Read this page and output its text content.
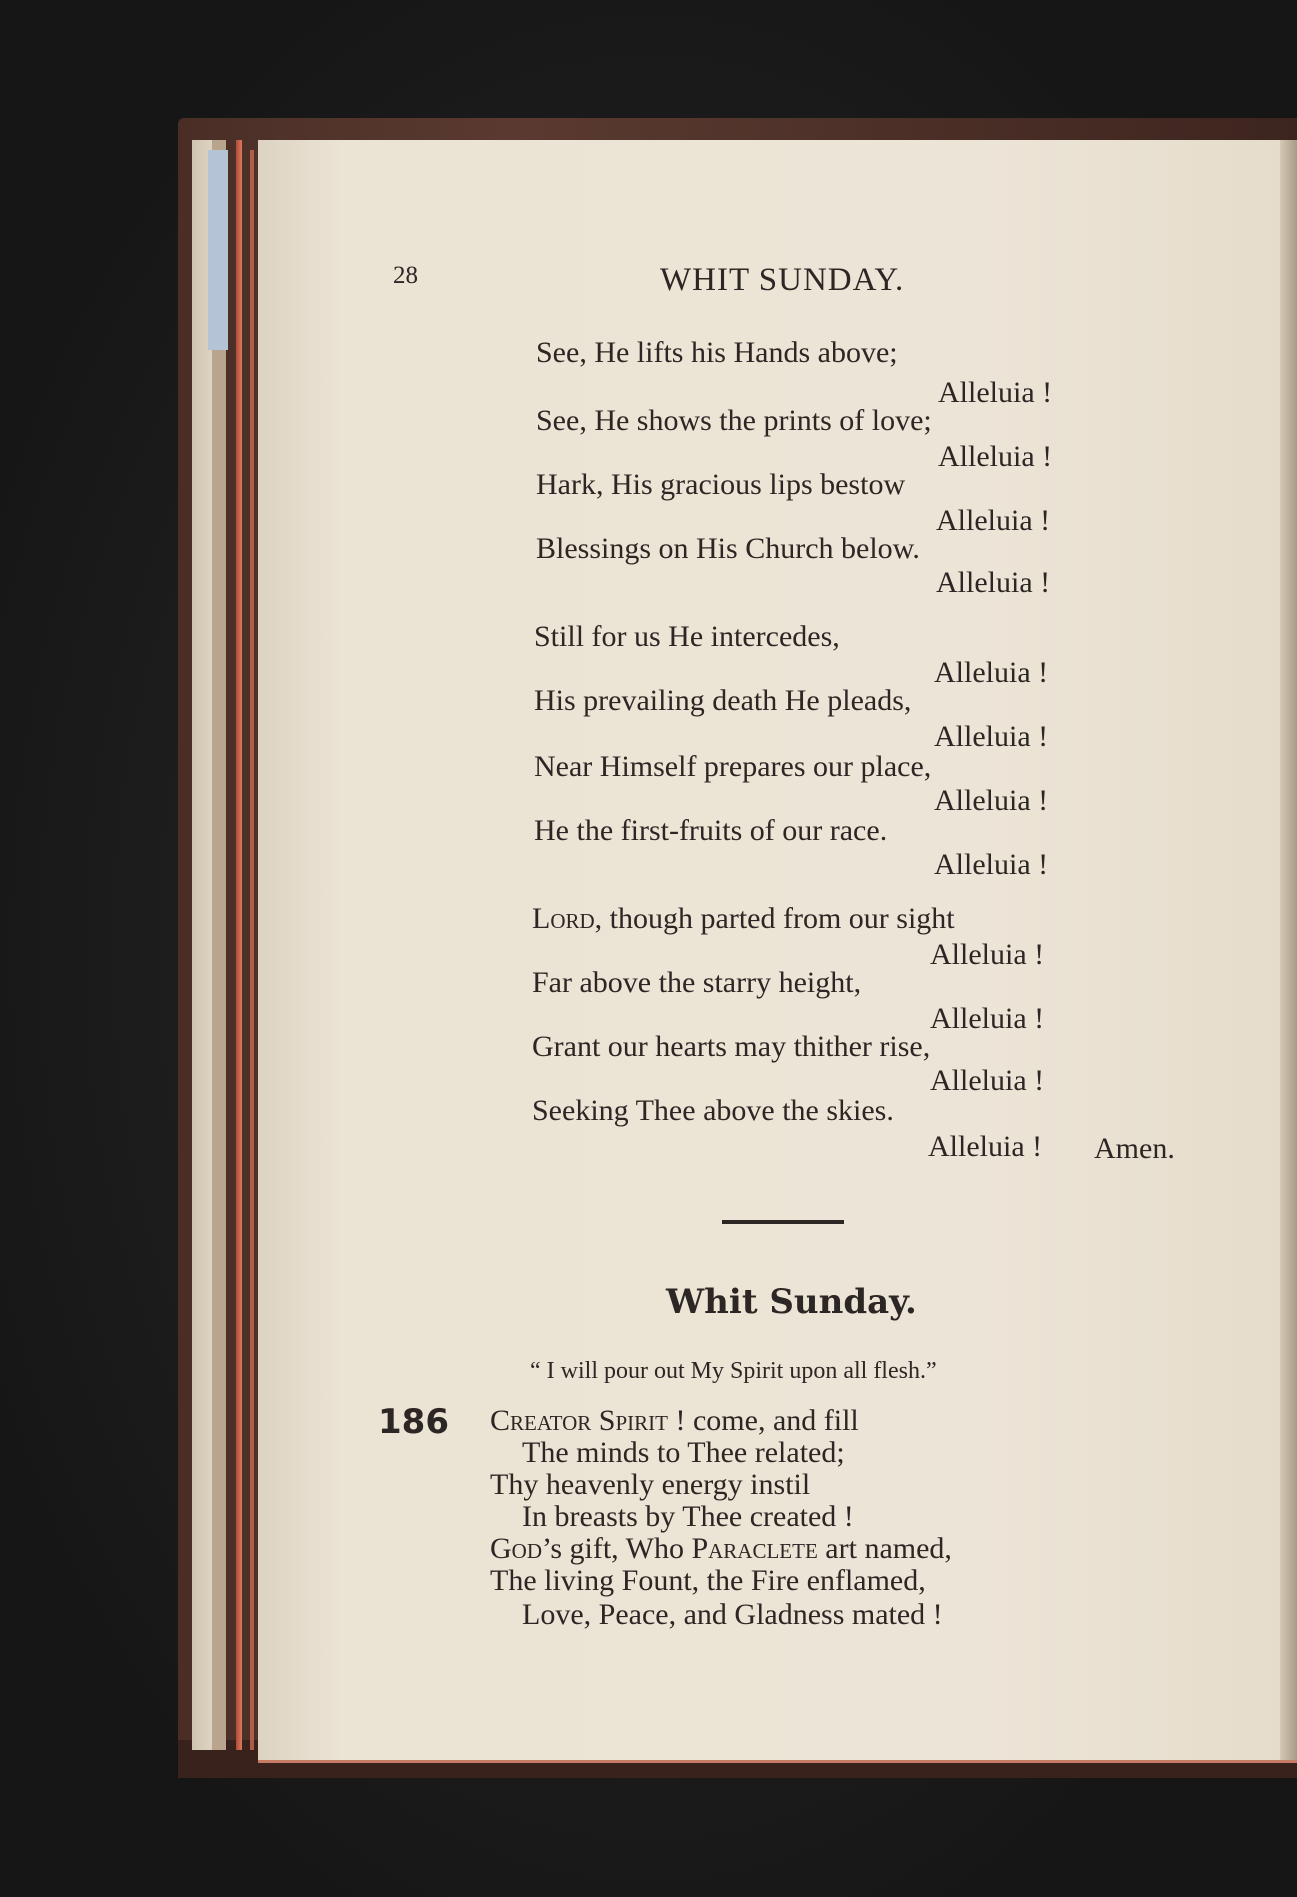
28	WHIT SUNDAY.
See, He lifts his Hands above;
Alleluia !
See, He shows the prints of love;
Alleluia !
Hark, His gracious lips bestow
Alleluia !
Blessings on His Church below.
Alleluia !
Still for us He intercedes,
Alleluia !
His prevailing death He pleads,
Alleluia !
Near Himself prepares our place,
Alleluia !
He the first-fruits of our race.
Alleluia !
Lord, though parted from our sight
Alleluia !
Far above the starry height,
Alleluia !
Grant our hearts may thither rise,
Alleluia !
Seeking Thee above the skies.
Alleluia ! Amen.
Whit Sunday.
“ I will pour out My Spirit upon all flesh.”
186 Creator Spirit ! come, and fill
The minds to Thee related;
Thy heavenly energy instil
In breasts by Thee created !
God’s gift, Who Paraclete art named,
The living Fount, the Fire enflamed,
Love, Peace, and Gladness mated !
